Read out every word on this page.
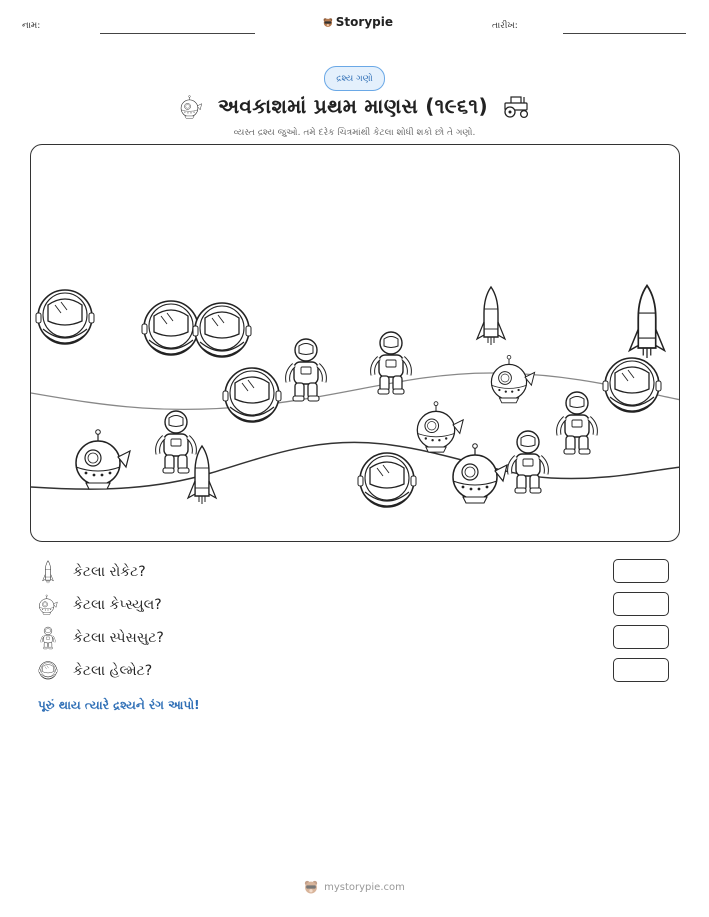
નામ:	Storypie	તારીખ:
દ્રશ્ય ગણો
અવકાશમાં પ્રથમ માણસ (૧૯૬૧)
વ્યસ્ત દ્રશ્ય જુઓ. તમે દરેક ચિત્રમાંથી કેટલા શોધી શકો છો તે ગણો.
કેટલા રોકેટ?
કેટલા કેપ્સ્યુલ?
કેટલા સ્પેસસુટ?
કેટલા હેલ્મેટ?
પૂરું થાય ત્યારે દ્રશ્યને રંગ આપો!
mystorypie.com
